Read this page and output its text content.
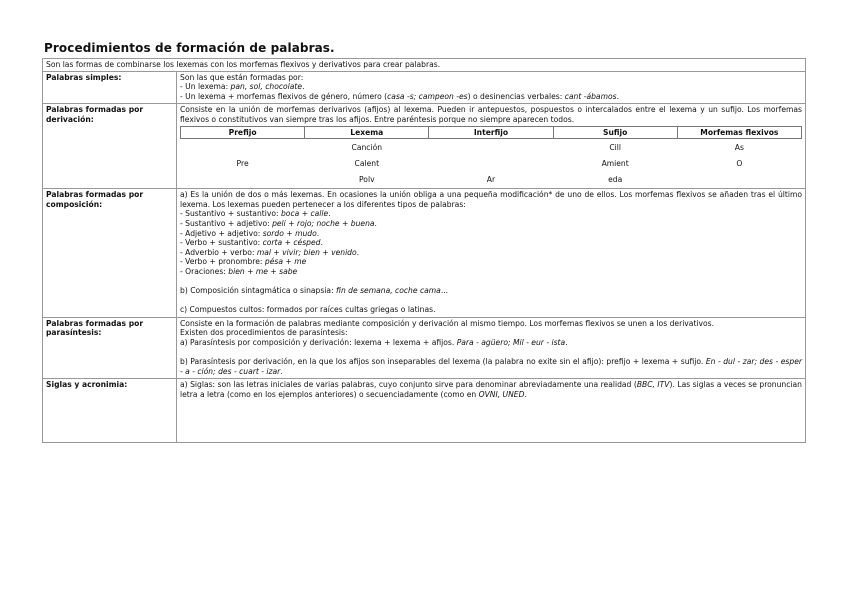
Procedimientos de formación de palabras.
Son las formas de combinarse los lexemas con los morfemas flexivos y derivativos para crear palabras.
Palabras simples:	Son las que están formadas por:
- Un lexema: pan, sol, chocolate.
- Un lexema + morfemas flexivos de género, número (casa -s; campeon -es) o desinencias verbales: cant -ábamos.

Palabras formadas por derivación:	
Consiste en la unión de morfemas derivarivos (afijos) al lexema. Pueden ir antepuestos, pospuestos o intercalados entre el lexema y un sufijo. Los morfemas flexivos o constitutivos van siempre tras los afijos. Entre paréntesis porque no siempre aparecen todos.
Prefijo	Lexema	Interfijo	Sufijo	Morfemas flexivos
	Canción		Cill	As
Pre	Calent		Amient	O
	Polv	Ar	eda	

Palabras formadas por composición:	
a) Es la unión de dos o más lexemas. En ocasiones la unión obliga a una pequeña modificación* de uno de ellos. Los morfemas flexivos se añaden tras el último lexema. Los lexemas pueden pertenecer a los diferentes tipos de palabras:
- Sustantivo + sustantivo: boca + calle.
- Sustantivo + adjetivo: peli + rojo; noche + buena.
- Adjetivo + adjetivo: sordo + mudo.
- Verbo + sustantivo: corta + césped.
- Adverbio + verbo: mal + vivir; bien + venido.
- Verbo + pronombre: pésa + me
- Oraciones: bien + me + sabe
b) Composición sintagmática o sinapsia: fin de semana, coche cama...
c) Compuestos cultos: formados por raíces cultas griegas o latinas.

Palabras formadas por parasíntesis:	
Consiste en la formación de palabras mediante composición y derivación al mismo tiempo. Los morfemas flexivos se unen a los derivativos.
Existen dos procedimientos de parasíntesis:
a) Parasíntesis por composición y derivación: lexema + lexema + afijos. Para - agüero; Mil - eur - ista.
b) Parasíntesis por derivación, en la que los afijos son inseparables del lexema (la palabra no exite sin el afijo): prefijo + lexema + sufijo. En - dul - zar; des - esper - a - ción; des - cuart - izar.

Siglas y acronimia:	a) Siglas: son las letras iniciales de varias palabras, cuyo conjunto sirve para denominar abreviadamente una realidad (BBC, ITV). Las siglas a veces se pronuncian letra a letra (como en los ejemplos anteriores) o secuenciadamente (como en OVNI, UNED.
